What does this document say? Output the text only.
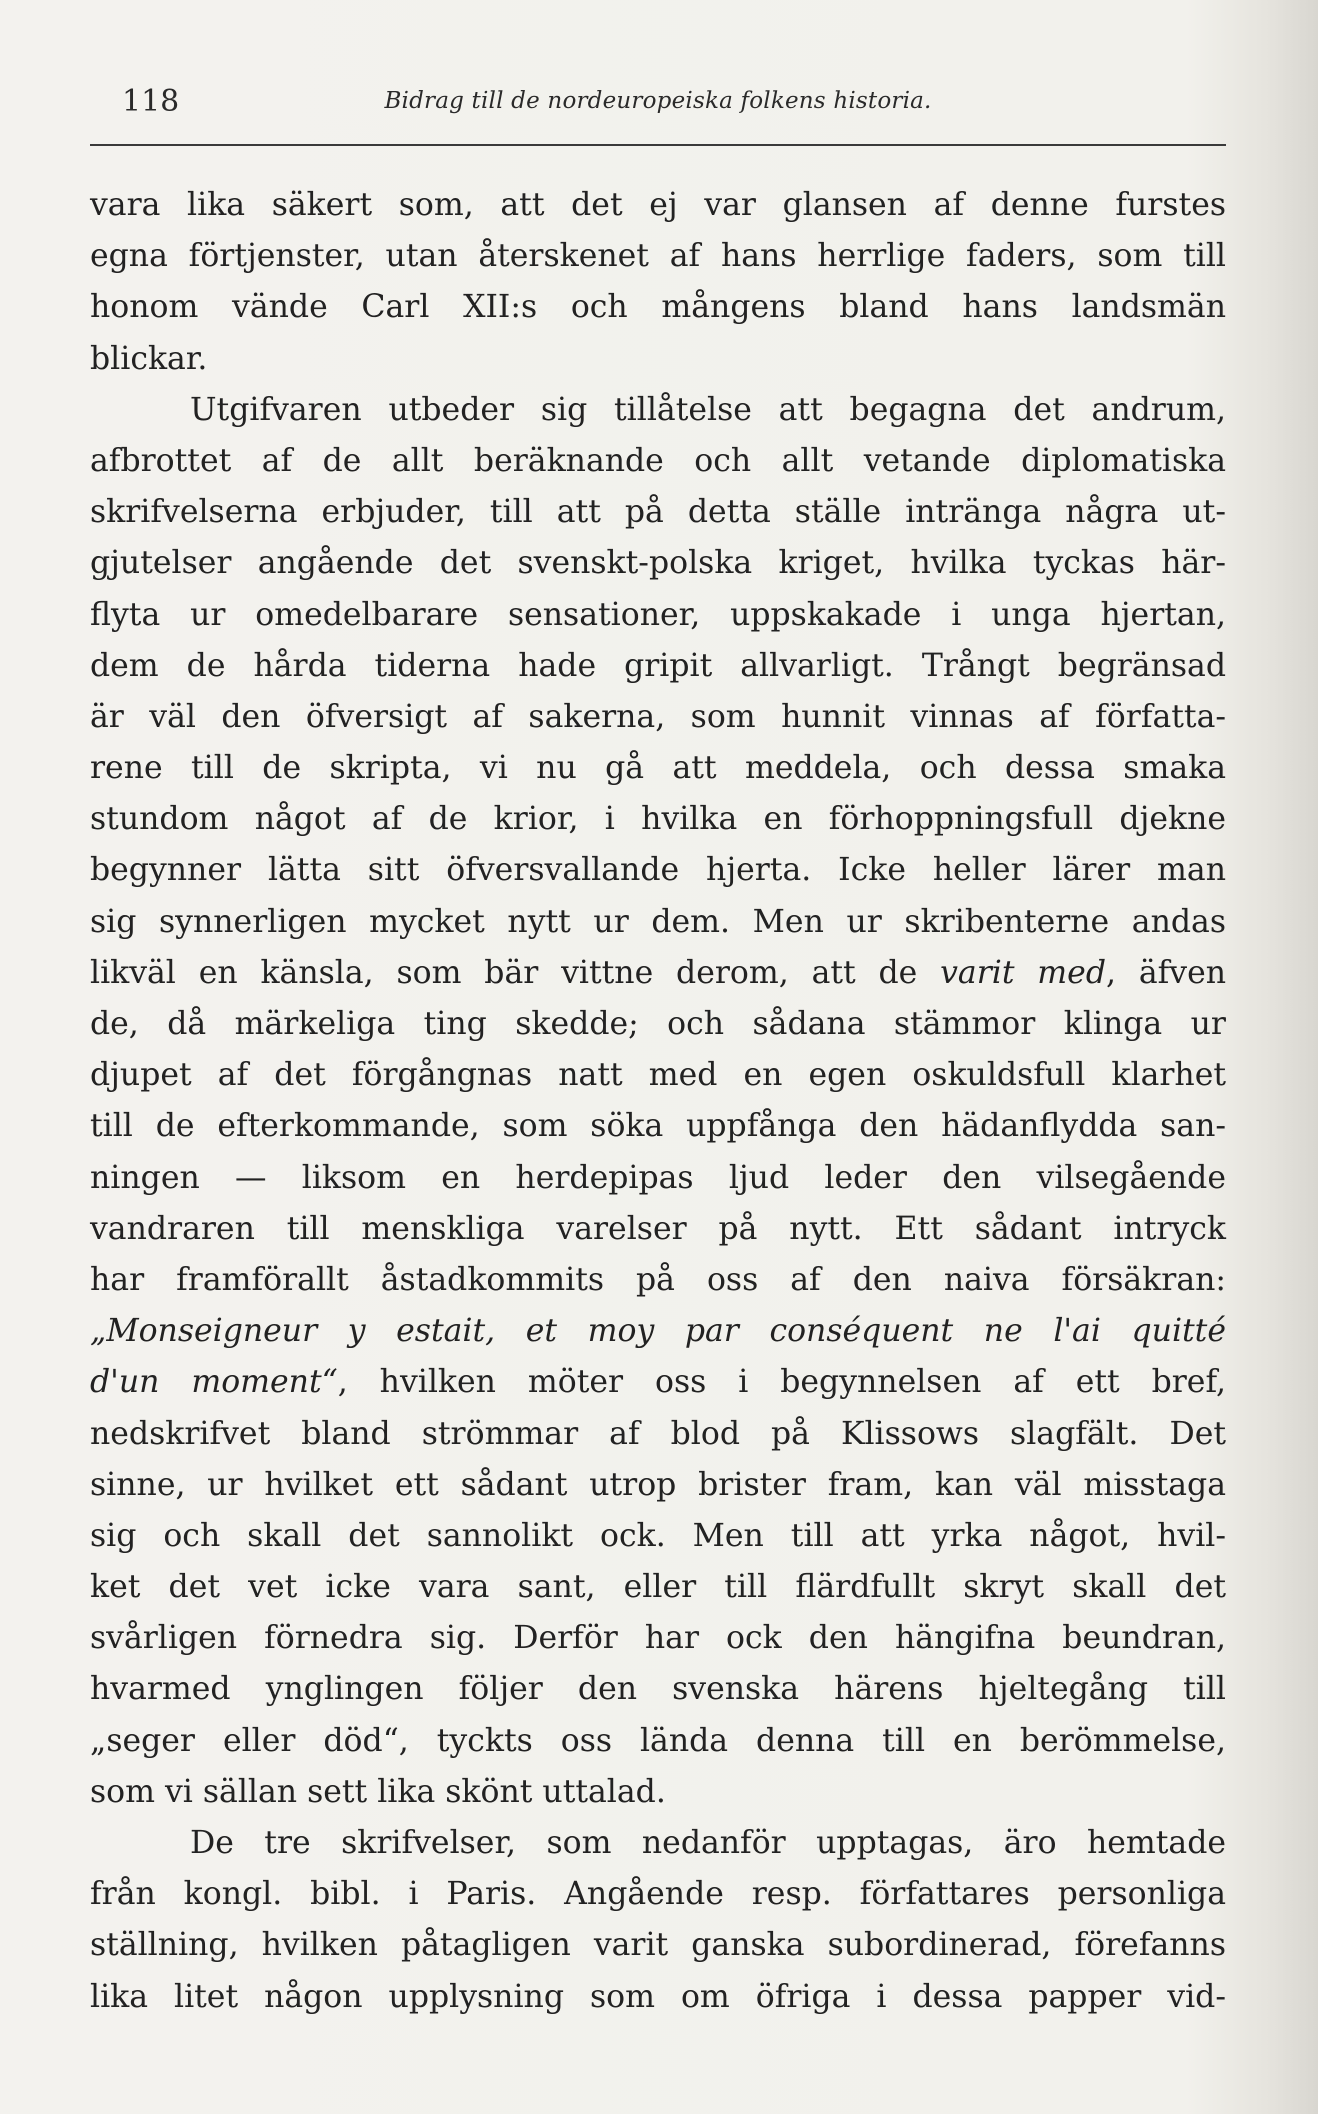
118	Bidrag till de nordeuropeiska folkens historia.
vara lika säkert som, att det ej var glansen af denne furstes
egna förtjenster, utan återskenet af hans herrlige faders, som till
honom vände Carl XII:s och mångens bland hans landsmän
blickar.
Utgifvaren utbeder sig tillåtelse att begagna det andrum,
afbrottet af de allt beräknande och allt vetande diplomatiska
skrifvelserna erbjuder, till att på detta ställe inträngа några ut-
gjutelser angående det svenskt-polska kriget, hvilka tyckas här-
flyta ur omedelbarare sensationer, uppskakade i unga hjertan,
dem de hårda tiderna hade gripit allvarligt. Trångt begränsad
är väl den öfversigt af sakerna, som hunnit vinnas af författa-
rene till de skripta, vi nu gå att meddela, och dessa smaka
stundom något af de krior, i hvilka en förhoppningsfull djekne
begynner lätta sitt öfversvallande hjerta. Icke heller lärer man
sig synnerligen mycket nytt ur dem. Men ur skribenterne andas
likväl en känsla, som bär vittne derom, att de varit med, äfven
de, då märkeliga ting skedde; och sådana stämmor klinga ur
djupet af det förgångnas natt med en egen oskuldsfull klarhet
till de efterkommande, som söka uppfånga den hädanflydda san-
ningen — liksom en herdepipas ljud leder den vilsegående
vandraren till menskliga varelser på nytt. Ett sådant intryck
har framförallt åstadkommits på oss af den naiva försäkran:
„Monseigneur y estait, et moy par conséquent ne l'ai quitté
d'un moment“, hvilken möter oss i begynnelsen af ett bref,
nedskrifvet bland strömmar af blod på Klissows slagfält. Det
sinne, ur hvilket ett sådant utrop brister fram, kan väl misstaga
sig och skall det sannolikt ock. Men till att yrka något, hvil-
ket det vet icke vara sant, eller till flärdfullt skryt skall det
svårligen förnedra sig. Derför har ock den hängifna beundran,
hvarmed ynglingen följer den svenska härens hjeltegång till
„seger eller död“, tyckts oss lända denna till en berömmelse,
som vi sällan sett lika skönt uttalad.
De tre skrifvelser, som nedanför upptagas, äro hemtade
från kongl. bibl. i Paris. Angående resp. författares personliga
ställning, hvilken påtagligen varit ganska subordinerad, förefanns
lika litet någon upplysning som om öfriga i dessa papper vid-
